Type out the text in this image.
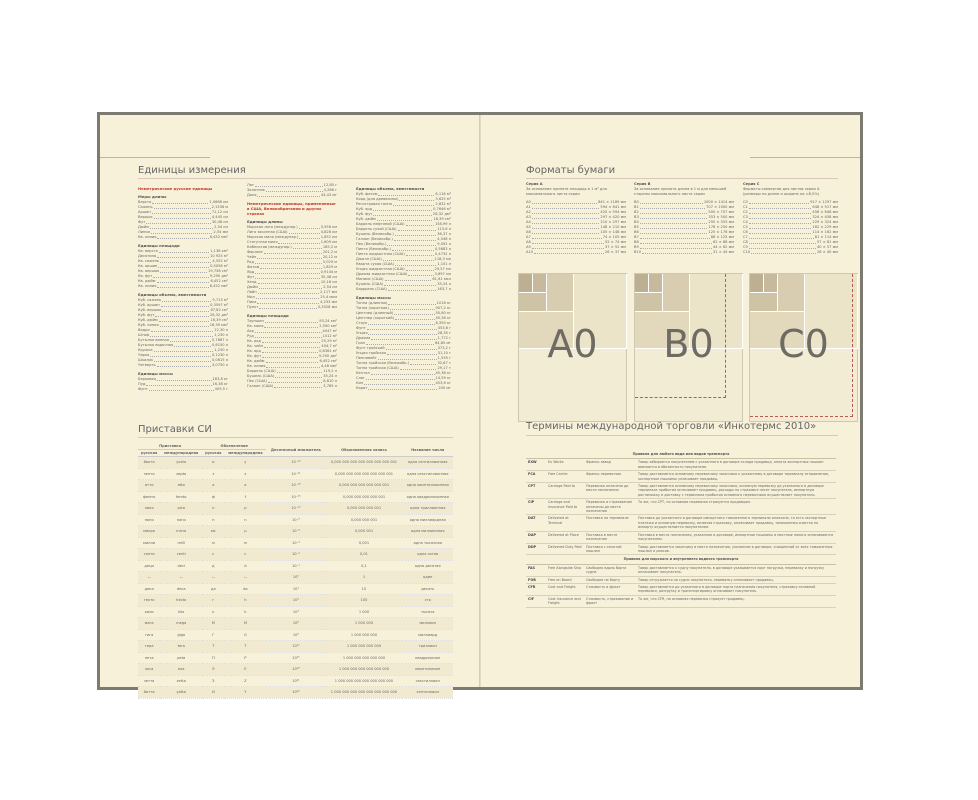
Единицы измерения
Неметрические русские единицы
Меры длины
Верста	1,0668 км
Сажень	2,1336 м
Аршин	71,12 см
Вершок	4,445 см
Фут	30,48 см
Дюйм	2,54 см
Линия	2,54 мм
Кв. линия	6,452 мм²
Единицы площади
Кв. верста	1,138 км²
Десятина	10 925 м²
Кв. сажень	4,552 м²
Кв. аршин	0,5058 м²
Кв. вершок	19,758 см²
Кв. фут	9,290 дм²
Кв. дюйм	6,452 см²
Кв. линия	6,452 мм²
Единицы объема, вместимости
Куб. сажень	9,713 м³
Куб. аршин	0,3597 м³
Куб. вершок	87,82 см³
Куб. фут	28,32 дм³
Куб. дюйм	16,39 см³
Куб. линия	16,39 мм³
Ведро	12,30 л
Штоф	1,230 л
Бутылка винная	0,7687 л
Бутылка водочная	0,6150 л
Кружка	1,230 л
Чарка	0,1230 л
Шкалик	0,0615 л
Четверть	3,0750 л
Единицы массы
Берковец	163,8 кг
Пуд	16,38 кг
Фунт	409,5 г
Лот	12,80 г
Золотник	4,266 г
Доля	44,43 мг
Неметрические единицы, применяемые в США, Великобритании и других странах
Единицы длины
Морская лига (междунар.)	5,556 км
Лига законная (США)	4,828 км
Морская миля (междунар.)	1,852 км
Статутная миля	1,609 км
Кабельтов (междунар.)	185,2 м
Фарлонг	201,2 м
Чейн	20,12 м
Род	5,029 м
Фатом	1,829 м
Ярд	0,9144 м
Фут	30,48 см
Хенд	10,16 см
Дюйм	2,54 см
Лайн	2,117 мм
Мил	25,4 мкм
Пика	4,233 мм
Пункт	0,3528 мм
Единицы площади
Тауншип	93,24 км²
Кв. миля	2,590 км²
Акр	4047 м²
Руд	1012 м²
Кв. род	25,29 м²
Кв. чейн	404,7 м²
Кв. ярд	0,8361 м²
Кв. фут	9,290 дм²
Кв. дюйм	6,452 см²
Кв. линия	4,48 мм²
Баррель (США)	119,2 л
Бушель (США)	35,24 л
Пек (США)	8,810 л
Галлон (США)	3,785 л
Единицы объема, вместимости
Куб. фатом	6,116 м³
Корд (для древесины)	3,625 м³
Регистровая тонна	2,832 м³
Куб. ярд	0,7646 м³
Куб. фут	28,32 дм³
Куб. дюйм	16,39 см³
Баррель нефтяной (США)	158,99 л
Баррель сухой (США)	115,6 л
Бушель (Великобр.)	36,37 л
Галлон (Великобр.)	4,546 л
Пек (Великобр.)	9,092 л
Пинта (Великобр.)	0,5683 л
Пинта жидкостная (США)	0,4732 л
Джилл (США)	118,3 мл
Кварта сухая (США)	1,101 л
Унция жидкостная (США)	29,57 мл
Драхма жидкостная (США)	3,697 мл
Минимс (США)	61,61 мкл
Бушель (США)	35,24 л
Барррель (США)	163,7 л
Единицы массы
Тонна (длинная)	1016 кг
Тонна (короткая)	907,2 кг
Центнер (длинный)	50,80 кг
Центнер (короткий)	45,36 кг
Стоун	6,350 кг
Фунт	453,6 г
Унция	28,35 г
Драхма	1,772 г
Гран	64,80 мг
Фунт тройский	373,2 г
Унция тройская	31,10 г
Пеннивейт	1,555 г
Тонна тройская (Великобр.)	32,67 т
Тонна тройская (США)	29,17 т
Кентал	45,36 кг
Слаг	14,59 кг
Кип	453,6 кг
Карат	200 мг
Приставки СИ
Приставка		Обозначение		Десятичный множитель	Обыкновенная запись	Название числа
русская	международная	русская	международная			
йокто	yocto	и	y	10⁻²⁴	0,000 000 000 000 000 000 000 001	одна септиллионная
зепто	zepto	з	z	10⁻²¹	0,000 000 000 000 000 000 001	одна секстиллионная
атто	atto	а	a	10⁻¹⁸	0,000 000 000 000 000 001	одна квинтиллионная
фемто	femto	ф	f	10⁻¹⁵	0,000 000 000 000 001	одна квадриллионная
пико	pico	п	p	10⁻¹²	0,000 000 000 001	одна триллионная
нано	nano	н	n	10⁻⁹	0,000 000 001	одна миллиардная
микро	micro	мк	µ	10⁻⁶	0,000 001	одна миллионная
милли	milli	м	m	10⁻³	0,001	одна тысячная
санти	centi	с	c	10⁻²	0,01	одна сотая
деци	deci	д	d	10⁻¹	0,1	одна десятая
—	—	—	—	10⁰	1	один
дека	deca	да	da	10¹	10	десять
гекто	hecto	г	h	10²	100	сто
кило	kilo	к	k	10³	1 000	тысяча
мега	mega	М	M	10⁶	1 000 000	миллион
гига	giga	Г	G	10⁹	1 000 000 000	миллиард
тера	tera	Т	T	10¹²	1 000 000 000 000	триллион
пета	peta	П	P	10¹⁵	1 000 000 000 000 000	квадриллион
экса	exa	Э	E	10¹⁸	1 000 000 000 000 000 000	квинтиллион
зетта	zetta	З	Z	10²¹	1 000 000 000 000 000 000 000	секстиллион
йотта	yotta	И	Y	10²⁴	1 000 000 000 000 000 000 000 000	септиллион
Форматы бумаги
Серия А
За основание принята площадь в 1 м² для максимального листа серии
A0	841 × 1189 мм
A1	594 × 841 мм
A2	420 × 594 мм
A3	297 × 420 мм
A4	210 × 297 мм
A5	148 × 210 мм
A6	105 × 148 мм
A7	74 × 105 мм
A8	52 × 74 мм
A9	37 × 52 мм
A10	26 × 37 мм
Серия B
За основание принята длина в 1 м для меньшей стороны максимального листа серии
B0	1000 × 1414 мм
B1	707 × 1000 мм
B2	500 × 707 мм
B3	353 × 500 мм
B4	250 × 353 мм
B5	176 × 250 мм
B6	125 × 176 мм
B7	88 × 125 мм
B8	62 × 88 мм
B9	44 × 62 мм
B10	31 × 44 мм
Серия C
Форматы конвертов для листов серии А (размеры по длине и ширине на ≈8,5%)
C0	917 × 1297 мм
C1	648 × 917 мм
C2	458 × 648 мм
C3	324 × 458 мм
C4	229 × 324 мм
C5	162 × 229 мм
C6	114 × 162 мм
C7	81 × 114 мм
C8	57 × 81 мм
C9	40 × 57 мм
C10	28 × 40 мм
A0	B0	C0
Термины международной торговли «Инкотермс 2010»
Правила для любого вида или видов транспорта			
EXW	Ex Works	Франко завод	Товар забирается покупателем с указанного в договоре склада продавца, оплата экспортных пошлин вменяется в обязанность покупателю.
FCA	Free Carrier	Франко перевозчик	Товар доставляется основному перевозчику заказчика к указанному в договоре терминалу отправления, экспортные пошлины уплачивает продавец.
CPT	Carriage Paid to	Перевозка оплачена до места назначения	Товар доставляется основному перевозчику заказчика, основную перевозку до указанного в договоре терминала прибытия оплачивает продавец, расходы по страховке несет покупатель, импортную растаможку и доставку с терминала прибытия основного перевозчика осуществляет покупатель.
CIP	Carriage and Insurance Paid to	Перевозка и страхование оплачены до места назначения	То же, что CPT, но основная перевозка страхуется продавцом.
DAT	Delivered at Terminal	Поставка на терминале	Поставка до указанного в договоре импортного таможенного терминала оплачена, то есть экспортные платежи и основную перевозку, включая страховку, оплачивает продавец, таможенная очистка по импорту осуществляется покупателем.
DAP	Delivered at Place	Поставка в месте назначения	Поставка в место назначения, указанное в договоре, импортные пошлины и местные налоги оплачиваются покупателем.
DDP	Delivered Duty Paid	Поставка с оплатой пошлин	Товар доставляется заказчику в место назначения, указанное в договоре, очищенный от всех таможенных пошлин и рисков.
Правила для морского и внутреннего водного транспорта			
FAS	Free Alongside Ship	Свободно вдоль борта судна	Товар доставляется к судну покупателя, в договоре указывается порт погрузки, перевозку и погрузку оплачивает покупатель.
FOB	Free on Board	Свободно на борту	Товар отгружается на судно покупателя, перевалку оплачивает продавец.
CFR	Cost and Freight	Стоимость и фрахт	Товар доставляется до указанного в договоре порта назначения покупателя, страховку основной перевозки, разгрузку и транспортировку оплачивает покупатель.
CIF	Cost Insurance and Freight	Стоимость, страхование и фрахт	То же, что CFR, но основная перевозка страхует продавец.
